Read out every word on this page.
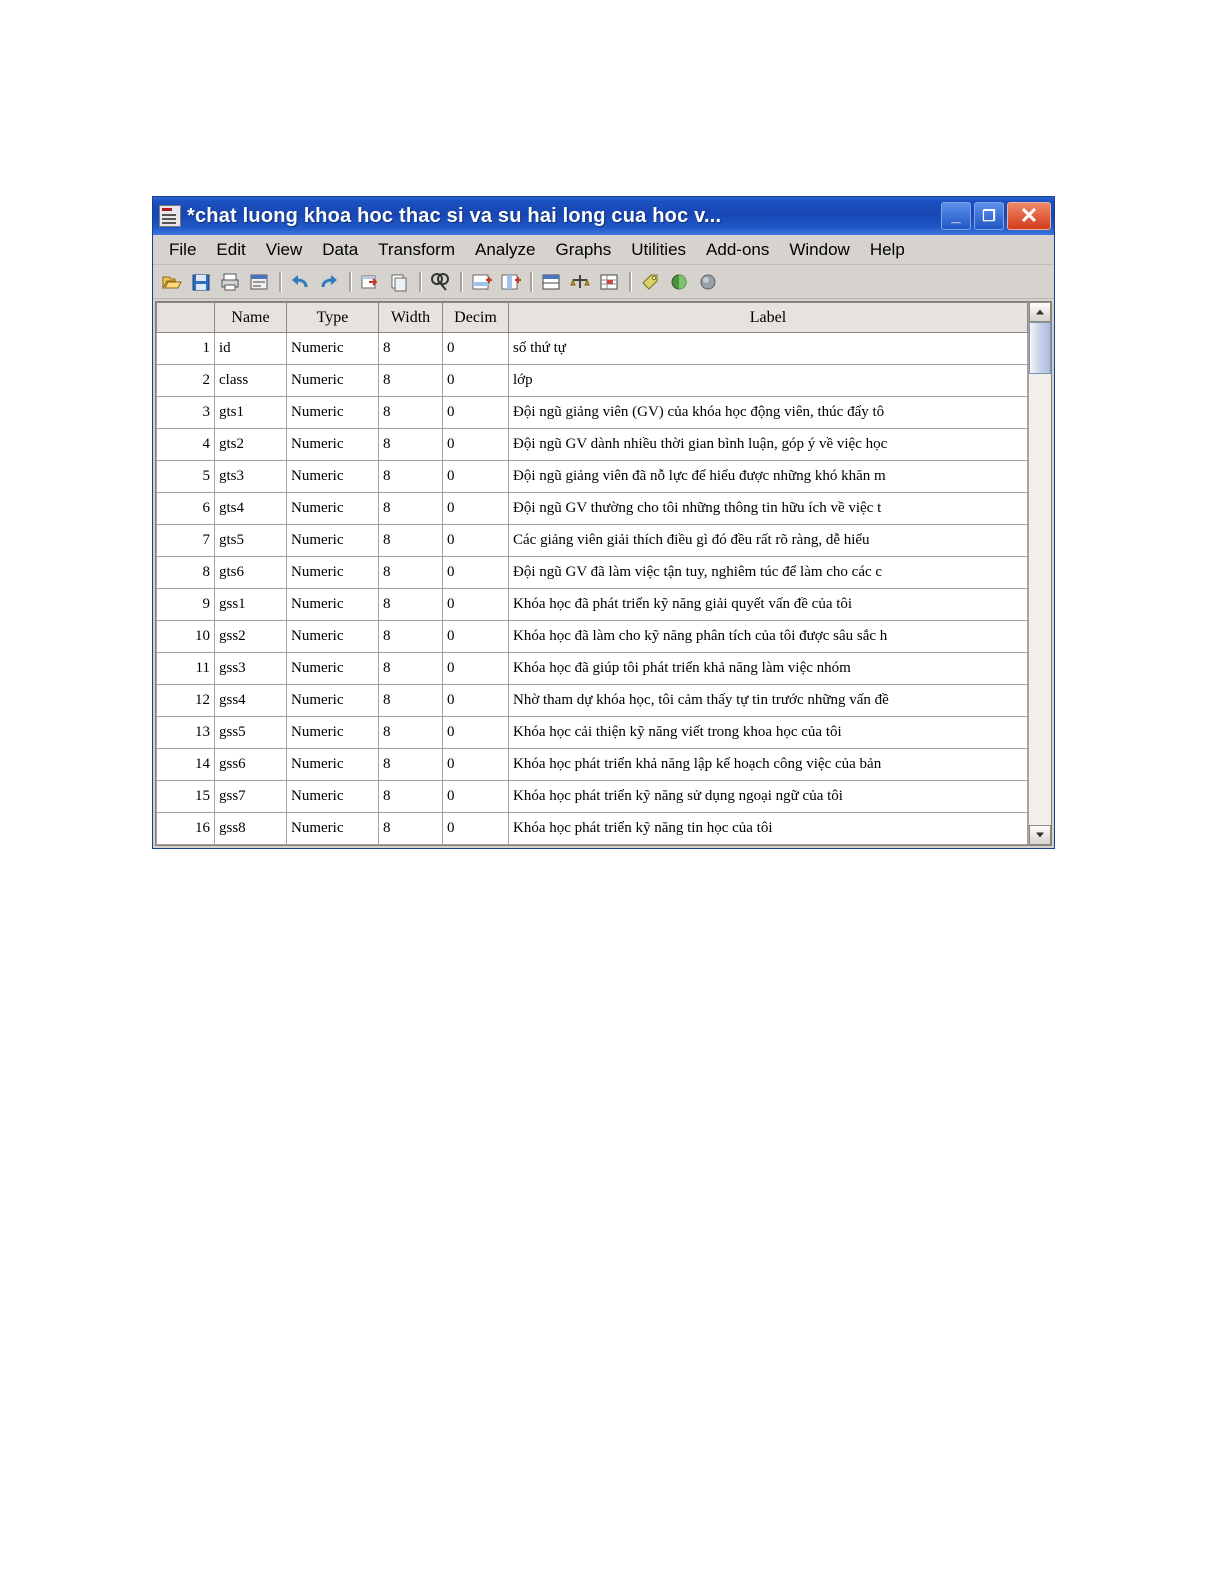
*chat luong khoa hoc thac si va su hai long cua hoc v...	_	❐	✕
File	Edit	View	Data	Transform	Analyze	Graphs	Utilities	Add-ons	Window	Help
	Name	Type	Width	Decim	Label
1	id	Numeric	8	0	số thứ tự
2	class	Numeric	8	0	lớp
3	gts1	Numeric	8	0	Đội ngũ giảng viên (GV) của khóa học động viên, thúc đẩy tô
4	gts2	Numeric	8	0	Đội ngũ GV dành nhiều thời gian bình luận, góp ý về việc học
5	gts3	Numeric	8	0	Đội ngũ giảng viên đã nỗ lực để hiểu được những khó khăn m
6	gts4	Numeric	8	0	Đội ngũ GV thường cho tôi những thông tin hữu ích về việc t
7	gts5	Numeric	8	0	Các giảng viên giải thích điều gì đó đều rất rõ ràng, dễ hiểu
8	gts6	Numeric	8	0	Đội ngũ GV đã làm việc tận tuy, nghiêm túc để làm cho các c
9	gss1	Numeric	8	0	Khóa học đã phát triển kỹ năng giải quyết vấn đề của tôi
10	gss2	Numeric	8	0	Khóa học đã làm cho kỹ năng phân tích của tôi được sâu sắc h
11	gss3	Numeric	8	0	Khóa học đã giúp tôi phát triển khả năng làm việc nhóm
12	gss4	Numeric	8	0	Nhờ tham dự khóa học, tôi cảm thấy tự tin trước những vấn đề
13	gss5	Numeric	8	0	Khóa học cải thiện kỹ năng viết trong khoa học của tôi
14	gss6	Numeric	8	0	Khóa học phát triển khả năng lập kế hoạch công việc của bản
15	gss7	Numeric	8	0	Khóa học phát triển kỹ năng sử dụng ngoại ngữ của tôi
16	gss8	Numeric	8	0	Khóa học phát triển kỹ năng tin học của tôi
